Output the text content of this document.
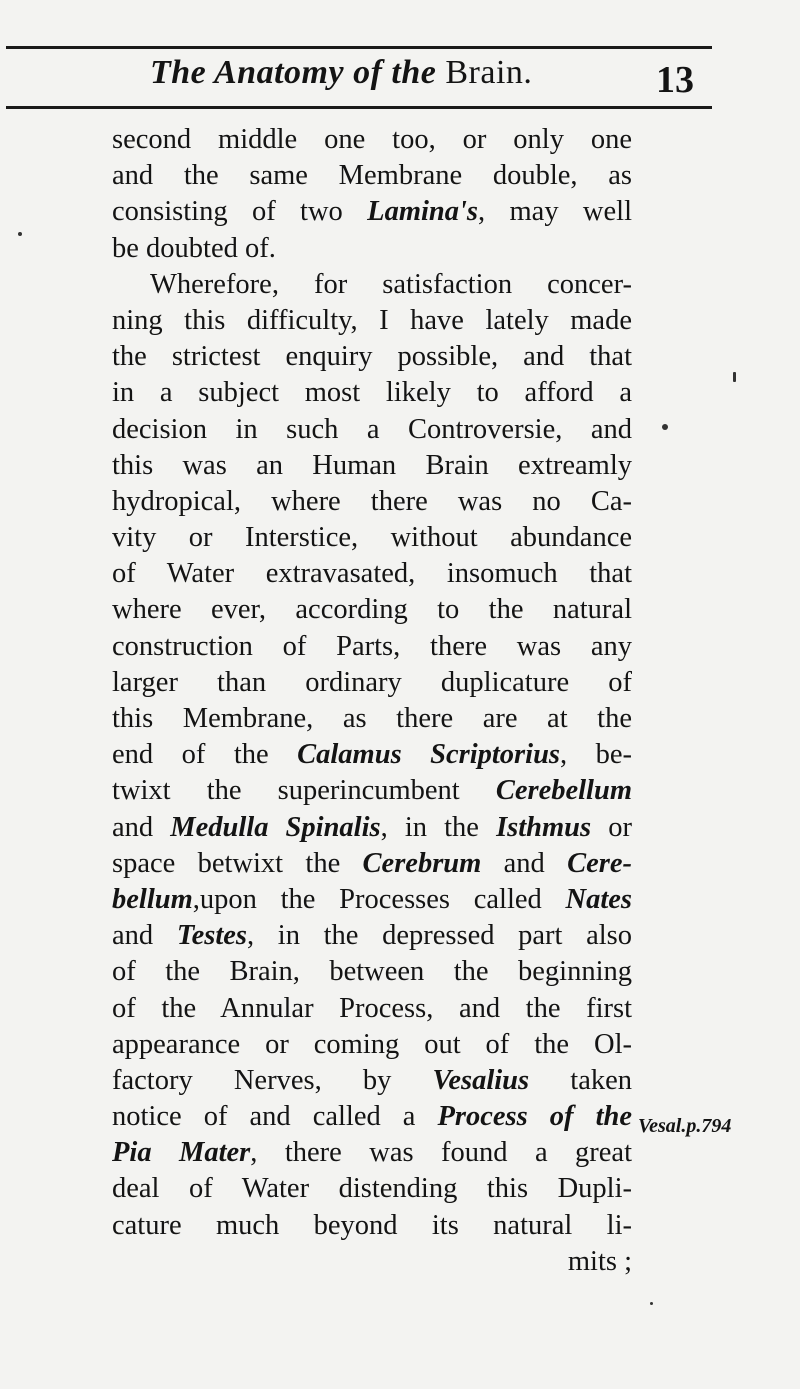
The Anatomy of the Brain.	13
second middle one too, or only one
and the same Membrane double, as
consisting of two Lamina's, may well
be doubted of.
Wherefore, for satisfaction concer-
ning this difficulty, I have lately made
the strictest enquiry possible, and that
in a subject most likely to afford a
decision in such a Controversie, and
this was an Human Brain extreamly
hydropical, where there was no Ca-
vity or Interstice, without abundance
of Water extravasated, insomuch that
where ever, according to the natural
construction of Parts, there was any
larger than ordinary duplicature of
this Membrane, as there are at the
end of the Calamus Scriptorius, be-
twixt the superincumbent Cerebellum
and Medulla Spinalis, in the Isthmus or
space betwixt the Cerebrum and Cere-
bellum,upon the Processes called Nates
and Testes, in the depressed part also
of the Brain, between the beginning
of the Annular Process, and the first
appearance or coming out of the Ol-
factory Nerves, by Vesalius taken
notice of and called a Process of the
Pia Mater, there was found a great
deal of Water distending this Dupli-
cature much beyond its natural li-
mits ;
Vesal.p.794
